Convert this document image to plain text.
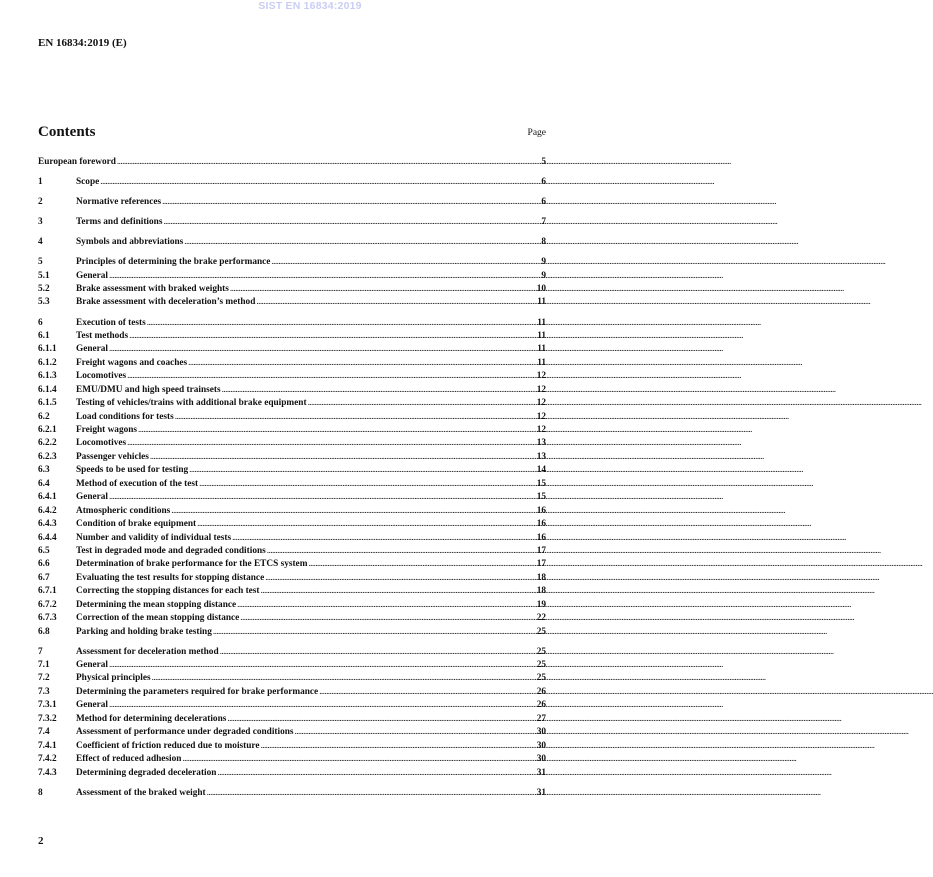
SIST EN 16834:2019
EN 16834:2019 (E)
Contents	Page
European foreword .....	5
1	Scope .....	6
2	Normative references .....	6
3	Terms and definitions .....	7
4	Symbols and abbreviations .....	8
5	Principles of determining the brake performance .....	9
5.1	General .....	9
5.2	Brake assessment with braked weights .....	10
5.3	Brake assessment with deceleration’s method .....	11
6	Execution of tests .....	11
6.1	Test methods .....	11
6.1.1	General .....	11
6.1.2	Freight wagons and coaches .....	11
6.1.3	Locomotives .....	12
6.1.4	EMU/DMU and high speed trainsets .....	12
6.1.5	Testing of vehicles/trains with additional brake equipment .....	12
6.2	Load conditions for tests .....	12
6.2.1	Freight wagons .....	12
6.2.2	Locomotives .....	13
6.2.3	Passenger vehicles .....	13
6.3	Speeds to be used for testing .....	14
6.4	Method of execution of the test .....	15
6.4.1	General .....	15
6.4.2	Atmospheric conditions .....	16
6.4.3	Condition of brake equipment .....	16
6.4.4	Number and validity of individual tests .....	16
6.5	Test in degraded mode and degraded conditions .....	17
6.6	Determination of brake performance for the ETCS system .....	17
6.7	Evaluating the test results for stopping distance .....	18
6.7.1	Correcting the stopping distances for each test .....	18
6.7.2	Determining the mean stopping distance .....	19
6.7.3	Correction of the mean stopping distance .....	22
6.8	Parking and holding brake testing .....	25
7	Assessment for deceleration method .....	25
7.1	General .....	25
7.2	Physical principles .....	25
7.3	Determining the parameters required for brake performance .....	26
7.3.1	General .....	26
7.3.2	Method for determining decelerations .....	27
7.4	Assessment of performance under degraded conditions .....	30
7.4.1	Coefficient of friction reduced due to moisture .....	30
7.4.2	Effect of reduced adhesion .....	30
7.4.3	Determining degraded deceleration .....	31
8	Assessment of the braked weight .....	31
2
